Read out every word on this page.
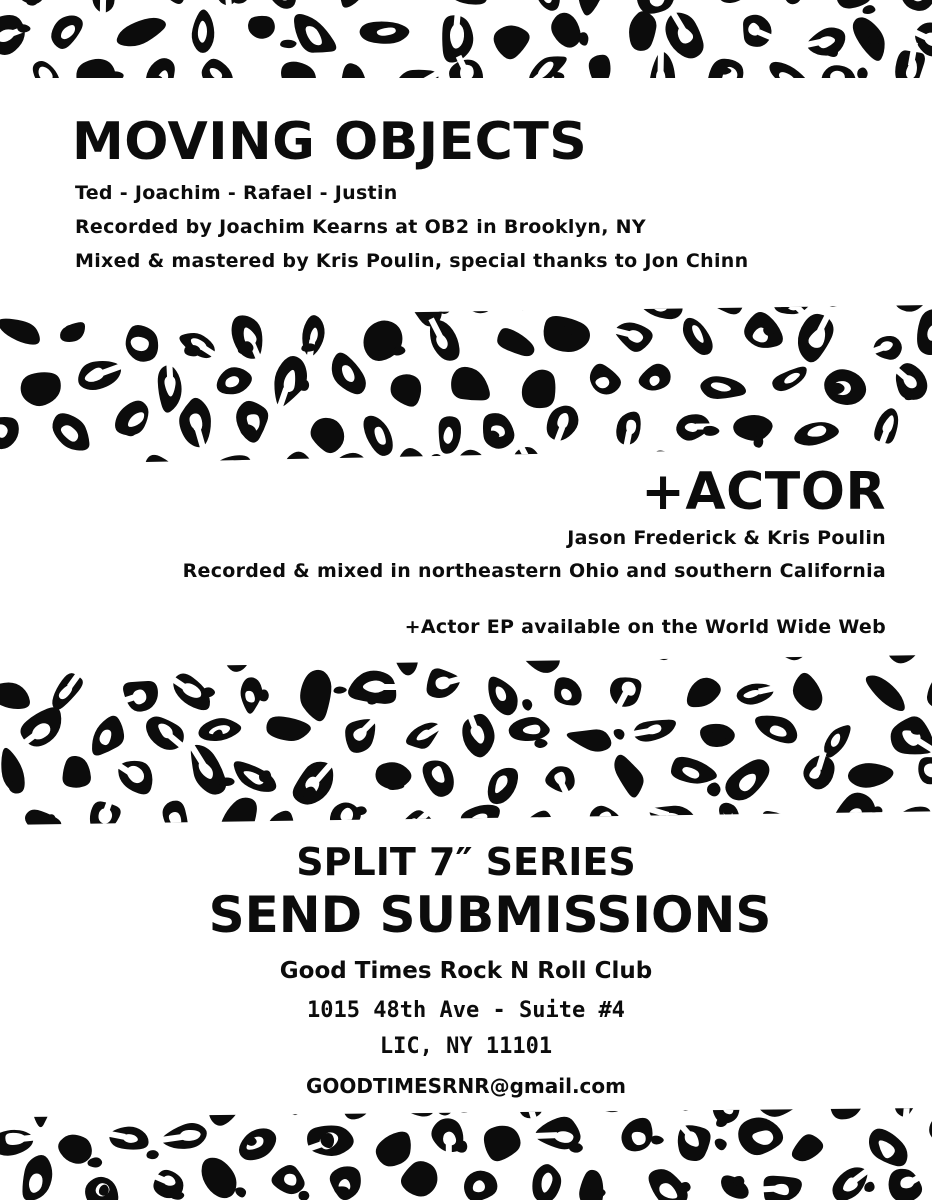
MOVING OBJECTS

Ted - Joachim - Rafael - Justin

Recorded by Joachim Kearns at OB2 in Brooklyn, NY

Mixed & mastered by Kris Poulin, special thanks to Jon Chinn

+ACTOR

Jason Frederick & Kris Poulin

Recorded & mixed in northeastern Ohio and southern California

+Actor EP available on the World Wide Web

SPLIT 7″ SERIES
SEND SUBMISSIONS

Good Times Rock N Roll Club

1015 48th Ave - Suite #4

LIC, NY 11101

GOODTIMESRNR@gmail.com
